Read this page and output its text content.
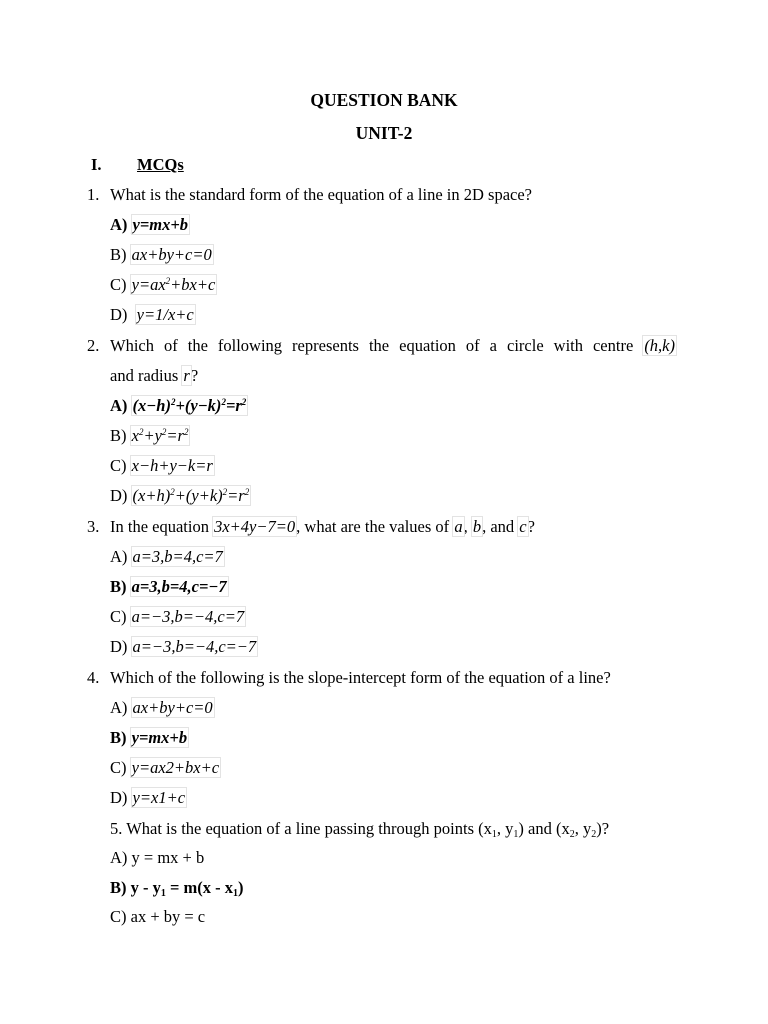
QUESTION BANK
UNIT-2
I. MCQs
1. What is the standard form of the equation of a line in 2D space?
A) y=mx+b
B) ax+by+c=0
C) $y=ax^2+bx+c$
D) y=1/x+c
2. Which of the following represents the equation of a circle with centre (h,k)
and radius r?
A) $(x-h)^2+(y-k)^2=r^2$
B) $x^2+y^2=r^2$
C) x−h+y−k=r
D) $(x+h)^2+(y+k)^2=r^2$
3. In the equation 3x+4y−7=0, what are the values of a, b, and c?
A) a=3,b=4,c=7
B) a=3,b=4,c=−7
C) a=−3,b=−4,c=7
D) a=−3,b=−4,c=−7
4. Which of the following is the slope-intercept form of the equation of a line?
A) ax+by+c=0
B) y=mx+b
C) y=ax2+bx+c
D) y=x1+c
5. What is the equation of a line passing through points ($x_1$, $y_1$) and ($x_2$, $y_2$)?
A) y = mx + b
B) $y - y_1 = m(x - x_1)$
C) ax + by = c
